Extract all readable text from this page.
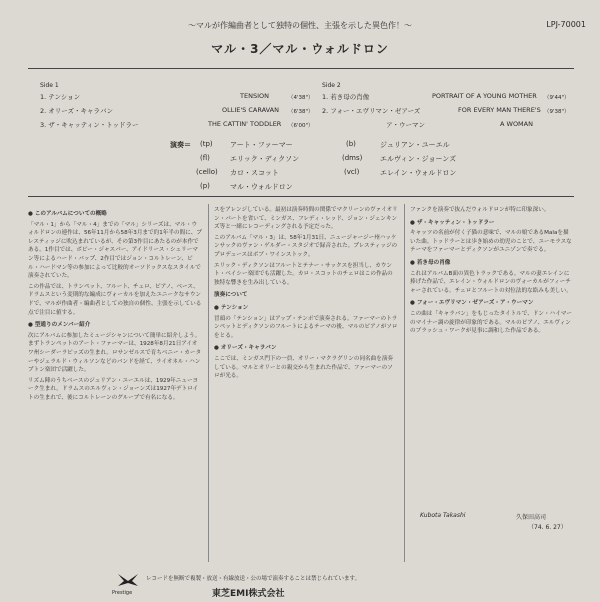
〜マルが作編曲者として独特の個性、主張を示した異色作！〜	LPJ-70001
マル・3／マル・ウォルドロン
Side 1
1. テンション	TENSION	（4'38"）
2. オリーズ・キャラバン	OLLIE'S CARAVAN （6'38"）
3. ザ・キャッティン・トッドラー	THE CATTIN' TODDLER （6'00"）
Side 2
1. 若き母の肖像	PORTRAIT OF A YOUNG MOTHER （9'44"）
2. フォー・エヴリマン・ゼアーズ	FOR EVERY MAN THERE'S （9'38"）
ア・ウーマン	A WOMAN
演奏＝ (tp) アート・ファーマー
(fl)	エリック・ディクソン
(cello) カロ・スコット
(p)	マル・ウォルドロン
(b)	ジュリアン・ユーエル
(dms)	エルヴィン・ジョーンズ
(vcl)	エレイン・ウォルドロン
● このアルバムについての概略

「マル・1」から「マル・4」までの「マル」シリーズは、マル・ウォルドロンの連作は、56年11月から58年3月まで約1年半の間に、プレスティッジに吹込まれているが、その第3作目にあたるのが本作である。1作目では、ボビー・ジャスパー、アイドリース・シュリーマン等によるハード・バップ、2作目ではジョン・コルトレーン、ビル・ハードマン等の参加によって比較的オーソドックスなスタイルで演奏されていた。

この作品では、トランペット、フルート、チェロ、ピアノ、ベース、ドラムスという変則的な編成にヴォーカルを加えたユニークなサウンドで、マルが作曲者・編曲者としての独自の個性、主張を示している点で注目に値する。

● 型通りのメンバー紹介

次にアルバムに参加したミュージシャンについて簡単に紹介しよう。まずトランペットのアート・ファーマーは、1928年8月21日アイオワ州シーダーラピッズの生まれ。ロサンゼルスで育ちベニー・カーターやジェラルド・ウィルソンなどのバンドを経て、ライオネル・ハンプトン楽団で活躍した。

リズム陣のうちベースのジュリアン・ユーエルは、1929年ニューヨーク生まれ。ドラムスのエルヴィン・ジョーンズは1927年デトロイトの生まれで、後にコルトレーンのグループで有名になる。

スをアレンジしている。最初は演奏時間の関係でマクリーンのヴァイオリン・パートを省いて、ミンガス、フレディ・レッド、ジョン・ジェンキンズ等と一緒にレコーディングされる予定だった。

このアルバム「マル・3」は、58年1月31日、ニュージャージー州ハッケンサックのヴァン・ゲルダー・スタジオで録音された。プレスティッジのプロデュースはボブ・ワインストック。

エリック・ディクソンはフルートとテナー・サックスを担当し、カウント・ベイシー楽団でも活躍した。カロ・スコットのチェロはこの作品の独特な響きを生み出している。

演奏について
● テンション

冒頭の「テンション」はアップ・テンポで演奏される。ファーマーのトランペットとディクソンのフルートによるテーマの後、マルのピアノがソロをとる。

● オリーズ・キャラバン

ここでは、ミンガス門下の一員、オリー・マクラグリンの同名曲を演奏している。マルとオリーとの親交から生まれた作品で、ファーマーのソロが光る。

ファンクを演奏で抜んだウォルドロンが特に印象深い。

● ザ・キャッティン・トッドラー

キャッツの名前が付く子猫の意味で、マルの娘であるMalaを描いた曲。トッドラーとは歩き始めの幼児のことで、ユーモラスなテーマをファーマーとディクソンがユニゾンで奏でる。

● 若き母の肖像

これはアルバムB面の異色トラックである。マルの妻エレインに捧げた作品で、エレイン・ウォルドロンのヴォーカルがフィーチャーされている。チェロとフルートの対位法的な絡みも美しい。

● フォー・エヴリマン・ゼアーズ・ア・ウーマン

この曲は「キャラバン」をもじったタイトルで、ドン・ハイマーのマイナー調の旋律が印象的である。マルのピアノ、エルヴィンのブラッシュ・ワークが見事に調和した作品である。

Kubota Takashi	久保田高司
（74. 6. 27）
Prestige
レコードを無断で複製・放送・有線放送・公の場で演奏することは禁じられています。
東芝EMI株式会社
